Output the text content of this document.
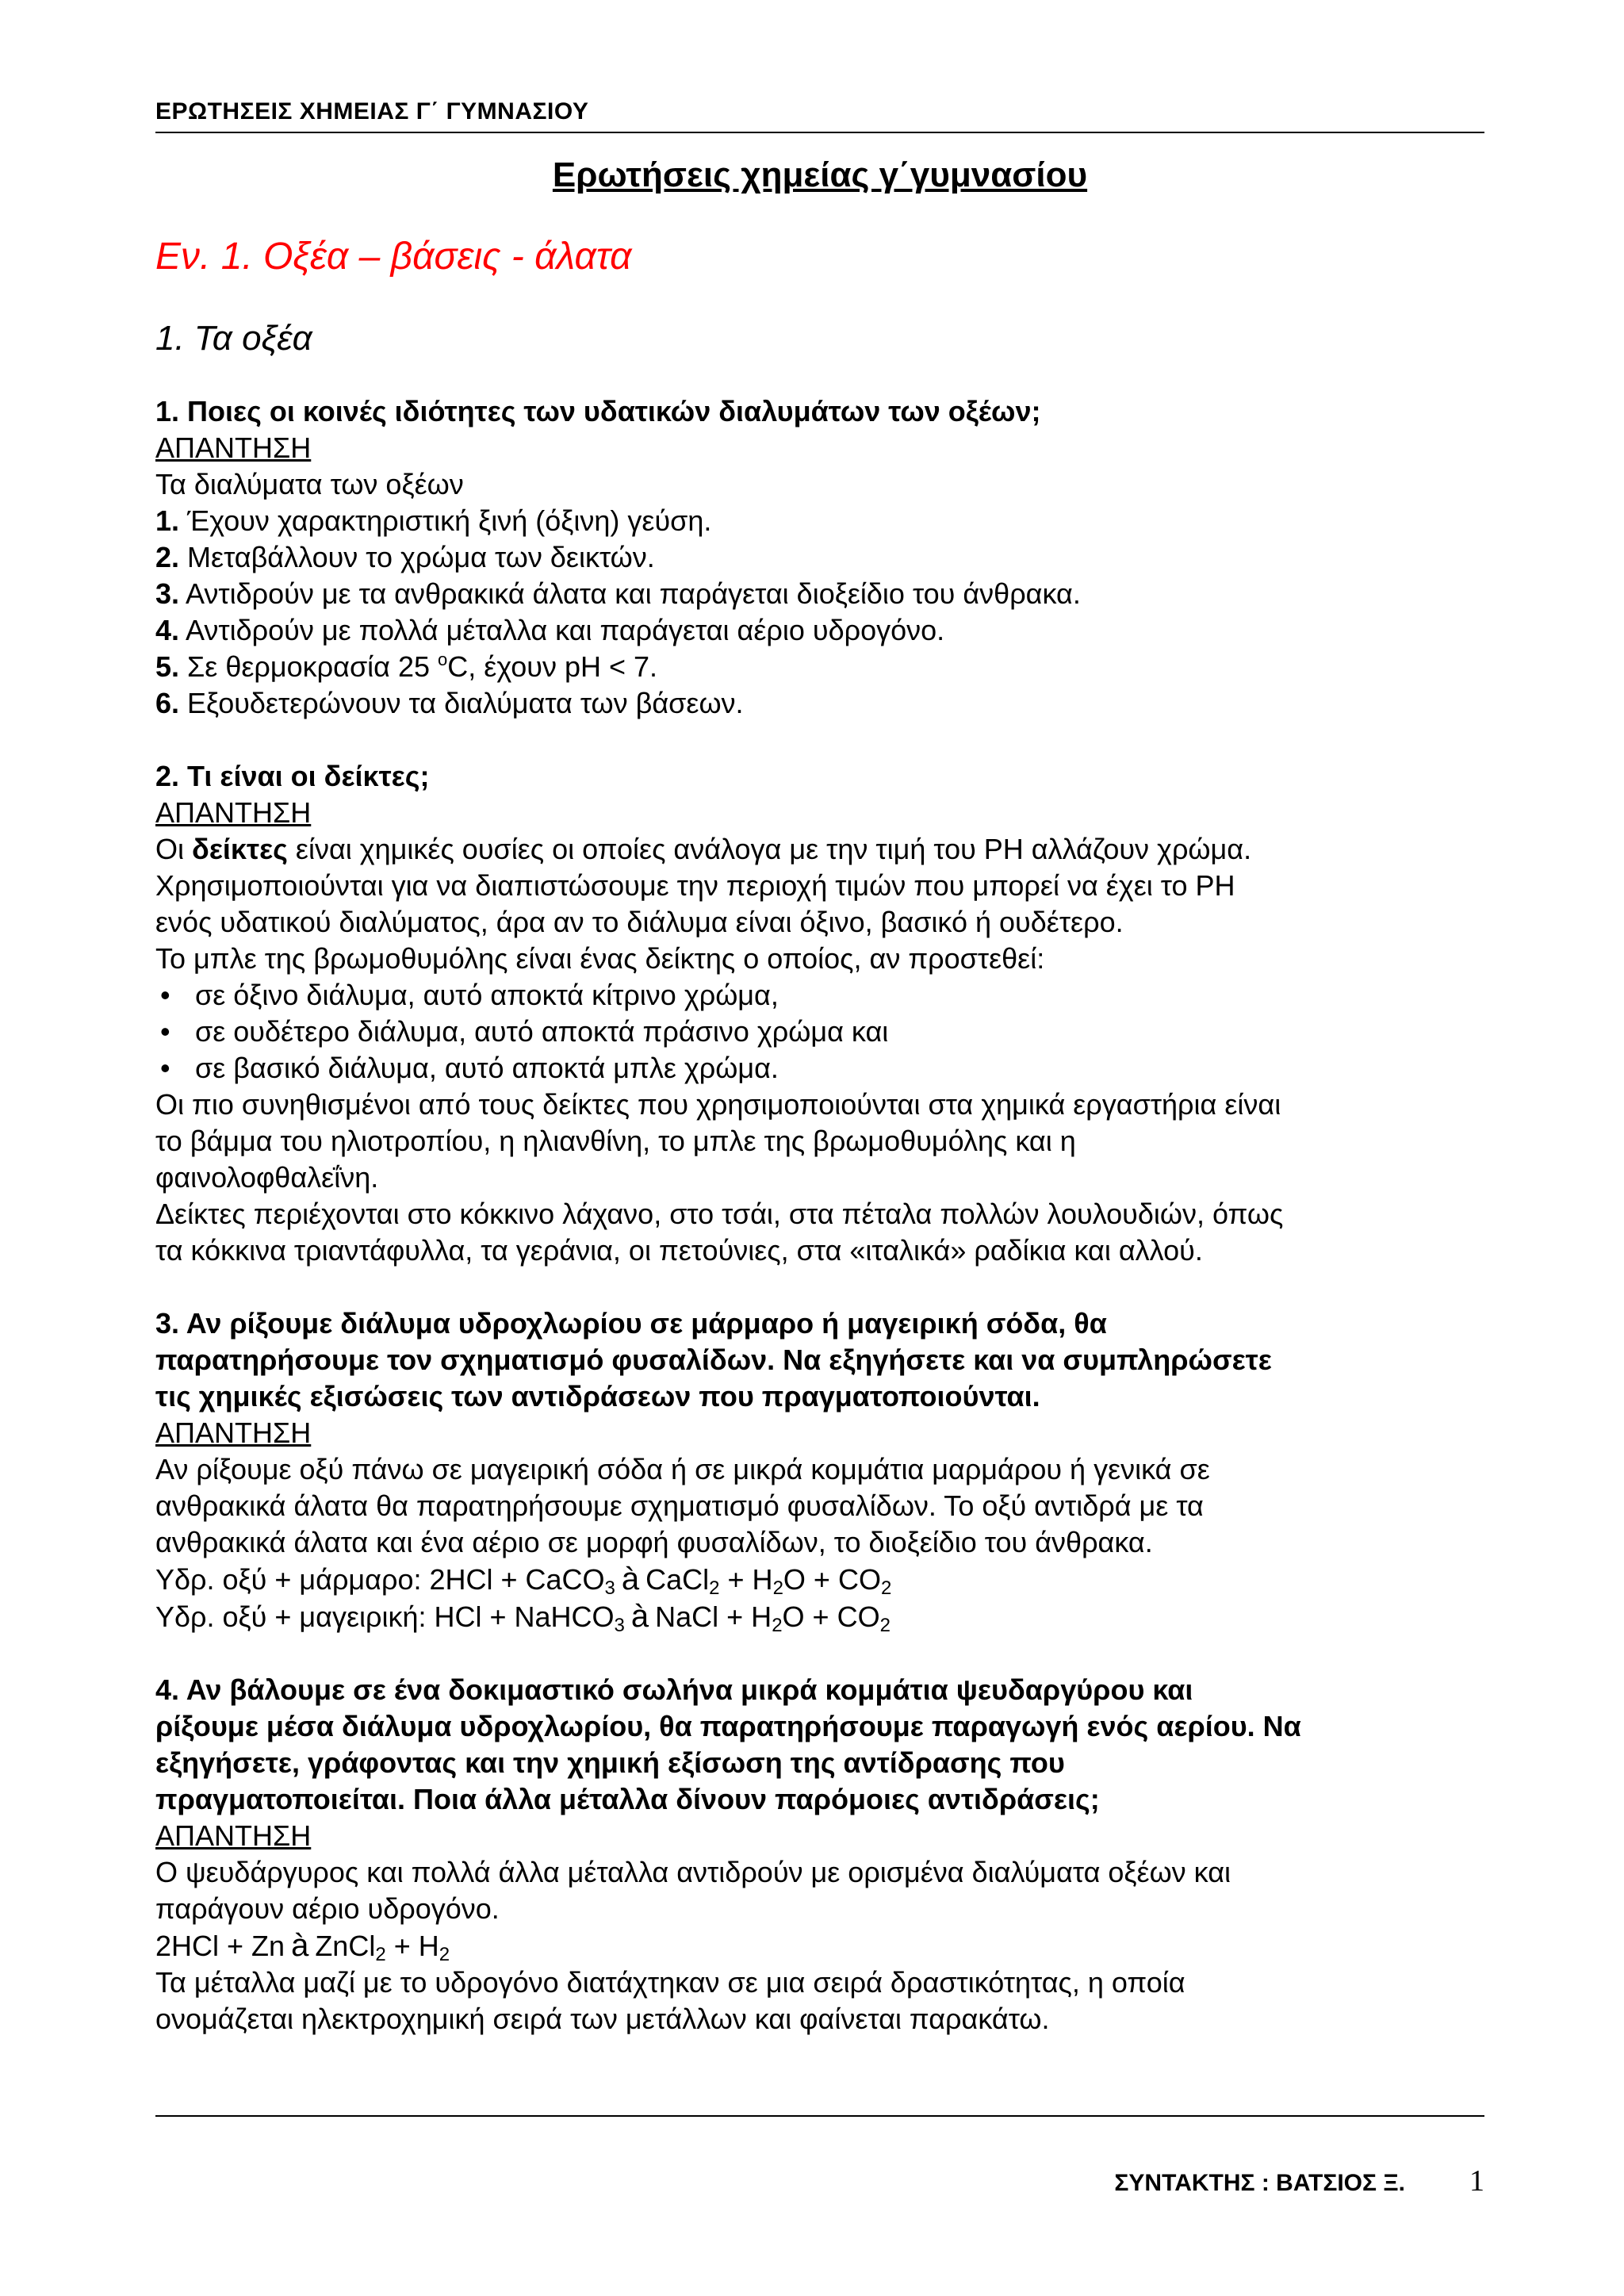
ΕΡΩΤΗΣΕΙΣ ΧΗΜΕΙΑΣ Γ΄ ΓΥΜΝΑΣΙΟΥ
Ερωτήσεις χημείας γ΄γυμνασίου
Εν. 1. Οξέα – βάσεις - άλατα
1. Τα οξέα
1. Ποιες οι κοινές ιδιότητες των υδατικών διαλυμάτων των οξέων;
ΑΠΑΝΤΗΣΗ
Τα διαλύματα των οξέων
1. Έχουν χαρακτηριστική ξινή (όξινη) γεύση.
2. Μεταβάλλουν το χρώμα των δεικτών.
3. Αντιδρούν με τα ανθρακικά άλατα και παράγεται διοξείδιο του άνθρακα.
4. Αντιδρούν με πολλά μέταλλα και παράγεται αέριο υδρογόνο.
5. Σε θερμοκρασία 25 $^o$C, έχουν pH < 7.
6. Εξουδετερώνουν τα διαλύματα των βάσεων.
2. Τι είναι οι δείκτες;
ΑΠΑΝΤΗΣΗ
Οι δείκτες είναι χημικές ουσίες οι οποίες ανάλογα με την τιμή του PH αλλάζουν χρώμα.
Χρησιμοποιούνται για να διαπιστώσουμε την περιοχή τιμών που μπορεί να έχει το PH
ενός υδατικού διαλύματος, άρα αν το διάλυμα είναι όξινο, βασικό ή ουδέτερο.
Το μπλε της βρωμοθυμόλης είναι ένας δείκτης ο οποίος, αν προστεθεί:
• σε όξινο διάλυμα, αυτό αποκτά κίτρινο χρώμα,
• σε ουδέτερο διάλυμα, αυτό αποκτά πράσινο χρώμα και
• σε βασικό διάλυμα, αυτό αποκτά μπλε χρώμα.
Οι πιο συνηθισμένοι από τους δείκτες που χρησιμοποιούνται στα χημικά εργαστήρια είναι
το βάμμα του ηλιοτροπίου, η ηλιανθίνη, το μπλε της βρωμοθυμόλης και η
φαινολοφθαλεΐνη.
Δείκτες περιέχονται στο κόκκινο λάχανο, στο τσάι, στα πέταλα πολλών λουλουδιών, όπως
τα κόκκινα τριαντάφυλλα, τα γεράνια, οι πετούνιες, στα «ιταλικά» ραδίκια και αλλού.
3. Αν ρίξουμε διάλυμα υδροχλωρίου σε μάρμαρο ή μαγειρική σόδα, θα
παρατηρήσουμε τον σχηματισμό φυσαλίδων. Να εξηγήσετε και να συμπληρώσετε
τις χημικές εξισώσεις των αντιδράσεων που πραγματοποιούνται.
ΑΠΑΝΤΗΣΗ
Αν ρίξουμε οξύ πάνω σε μαγειρική σόδα ή σε μικρά κομμάτια μαρμάρου ή γενικά σε
ανθρακικά άλατα θα παρατηρήσουμε σχηματισμό φυσαλίδων. Το οξύ αντιδρά με τα
ανθρακικά άλατα και ένα αέριο σε μορφή φυσαλίδων, το διοξείδιο του άνθρακα.
Υδρ. οξύ + μάρμαρο: 2HCl + CaCO$_3$ à CaCl$_2$ + $H_2O + CO_2$
Υδρ. οξύ + μαγειρική: HCl + NaHCO$_3$ à NaCl + $H_2O + CO_2$
4. Αν βάλουμε σε ένα δοκιμαστικό σωλήνα μικρά κομμάτια ψευδαργύρου και
ρίξουμε μέσα διάλυμα υδροχλωρίου, θα παρατηρήσουμε παραγωγή ενός αερίου. Να
εξηγήσετε, γράφοντας και την χημική εξίσωση της αντίδρασης που
πραγματοποιείται. Ποια άλλα μέταλλα δίνουν παρόμοιες αντιδράσεις;
ΑΠΑΝΤΗΣΗ
Ο ψευδάργυρος και πολλά άλλα μέταλλα αντιδρούν με ορισμένα διαλύματα οξέων και
παράγουν αέριο υδρογόνο.
2HCl + Zn à ZnCl$_2$ + $H_2$
Τα μέταλλα μαζί με το υδρογόνο διατάχτηκαν σε μια σειρά δραστικότητας, η οποία
ονομάζεται ηλεκτροχημική σειρά των μετάλλων και φαίνεται παρακάτω.
ΣΥΝΤΑΚΤΗΣ : ΒΑΤΣΙΟΣ Ξ. 1
